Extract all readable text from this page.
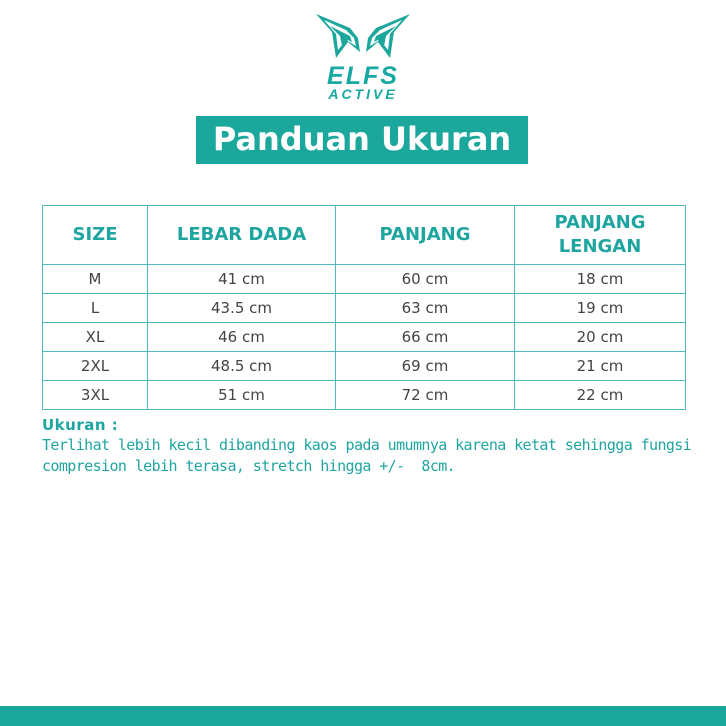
ELFS
ACTIVE
Panduan Ukuran
SIZE	LEBAR DADA	PANJANG	PANJANG LENGAN
M	41 cm	60 cm	18 cm
L	43.5 cm	63 cm	19 cm
XL	46 cm	66 cm	20 cm
2XL	48.5 cm	69 cm	21 cm
3XL	51 cm	72 cm	22 cm
Ukuran :
Terlihat lebih kecil dibanding kaos pada umumnya karena ketat sehingga fungsi
compresion lebih terasa, stretch hingga +/-  8cm.
